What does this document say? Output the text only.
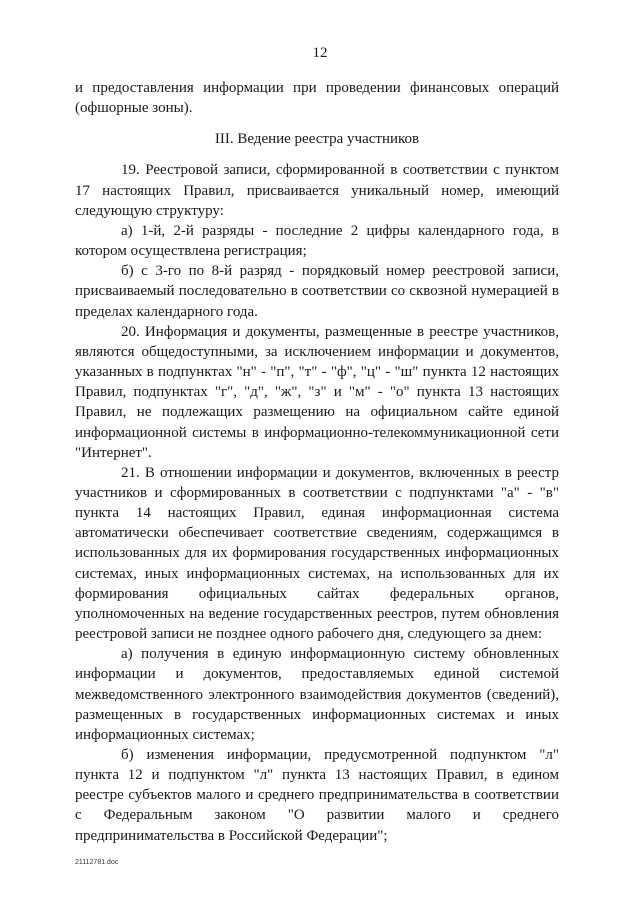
12

и предоставления информации при проведении финансовых операций (офшорные зоны).

III. Ведение реестра участников

19. Реестровой записи, сформированной в соответствии с пунктом 17 настоящих Правил, присваивается уникальный номер, имеющий следующую структуру:

а) 1-й, 2-й разряды - последние 2 цифры календарного года, в котором осуществлена регистрация;

б) с 3-го по 8-й разряд - порядковый номер реестровой записи, присваиваемый последовательно в соответствии со сквозной нумерацией в пределах календарного года.

20. Информация и документы, размещенные в реестре участников, являются общедоступными, за исключением информации и документов, указанных в подпунктах "н" - "п", "т" - "ф", "ц" - "ш" пункта 12 настоящих Правил, подпунктах "г", "д", "ж", "з" и "м" - "о" пункта 13 настоящих Правил, не подлежащих размещению на официальном сайте единой информационной системы в информационно-телекоммуникационной сети "Интернет".

21. В отношении информации и документов, включенных в реестр участников и сформированных в соответствии с подпунктами "а" - "в" пункта 14 настоящих Правил, единая информационная система автоматически обеспечивает соответствие сведениям, содержащимся в использованных для их формирования государственных информационных системах, иных информационных системах, на использованных для их формирования официальных сайтах федеральных органов, уполномоченных на ведение государственных реестров, путем обновления реестровой записи не позднее одного рабочего дня, следующего за днем:

а) получения в единую информационную систему обновленных информации и документов, предоставляемых единой системой межведомственного электронного взаимодействия документов (сведений), размещенных в государственных информационных системах и иных информационных системах;

б) изменения информации, предусмотренной подпунктом "л" пункта 12 и подпунктом "л" пункта 13 настоящих Правил, в едином реестре субъектов малого и среднего предпринимательства в соответствии с Федеральным законом "О развитии малого и среднего предпринимательства в Российской Федерации";

21112781.doc
